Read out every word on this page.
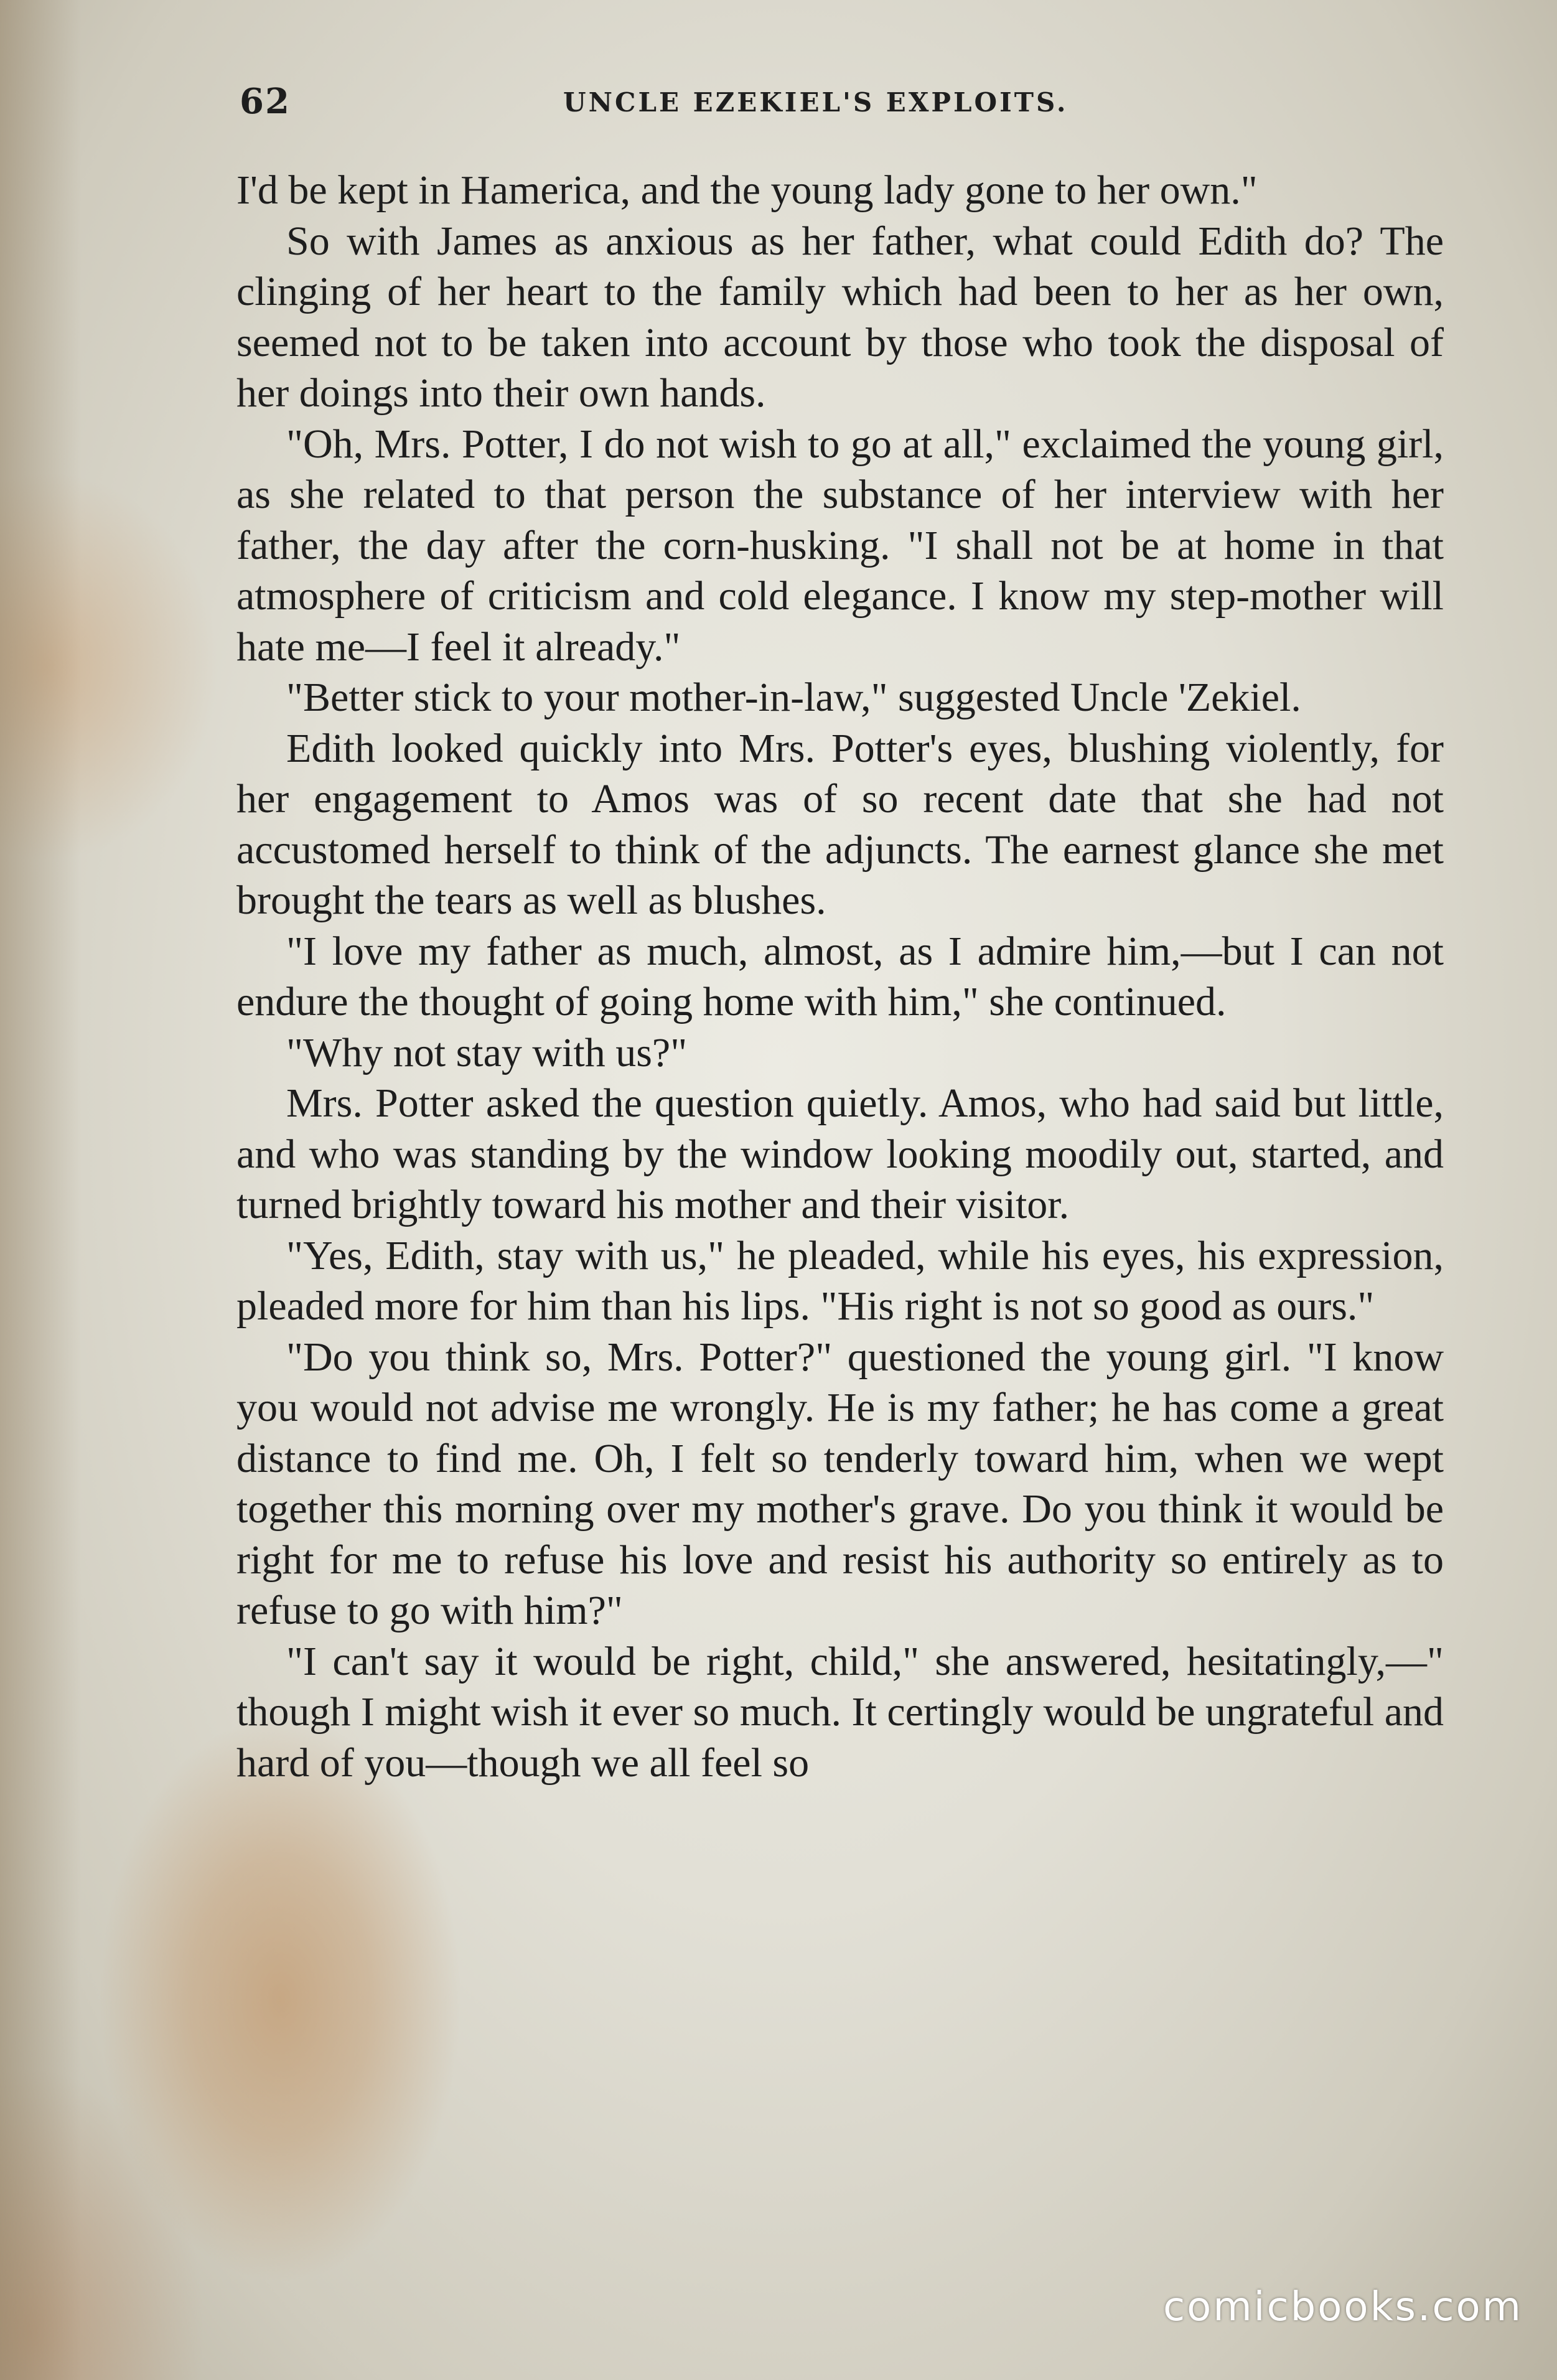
62	UNCLE EZEKIEL'S EXPLOITS.

I'd be kept in Hamerica, and the young lady gone to her own."

So with James as anxious as her father, what could Edith do? The clinging of her heart to the family which had been to her as her own, seemed not to be taken into account by those who took the disposal of her doings into their own hands.

"Oh, Mrs. Potter, I do not wish to go at all," exclaimed the young girl, as she related to that person the substance of her interview with her father, the day after the corn-husking. "I shall not be at home in that atmosphere of criticism and cold elegance. I know my step-mother will hate me—I feel it already."

"Better stick to your mother-in-law," suggested Uncle 'Zekiel.

Edith looked quickly into Mrs. Potter's eyes, blushing violently, for her engagement to Amos was of so recent date that she had not accustomed herself to think of the adjuncts. The earnest glance she met brought the tears as well as blushes.

"I love my father as much, almost, as I admire him,—but I can not endure the thought of going home with him," she continued.

"Why not stay with us?"

Mrs. Potter asked the question quietly. Amos, who had said but little, and who was standing by the window looking moodily out, started, and turned brightly toward his mother and their visitor.

"Yes, Edith, stay with us," he pleaded, while his eyes, his expression, pleaded more for him than his lips. "His right is not so good as ours."

"Do you think so, Mrs. Potter?" questioned the young girl. "I know you would not advise me wrongly. He is my father; he has come a great distance to find me. Oh, I felt so tenderly toward him, when we wept together this morning over my mother's grave. Do you think it would be right for me to refuse his love and resist his authority so entirely as to refuse to go with him?"

"I can't say it would be right, child," she answered, hesitatingly,—" though I might wish it ever so much. It certingly would be ungrateful and hard of you—though we all feel so

comicbooks.com
